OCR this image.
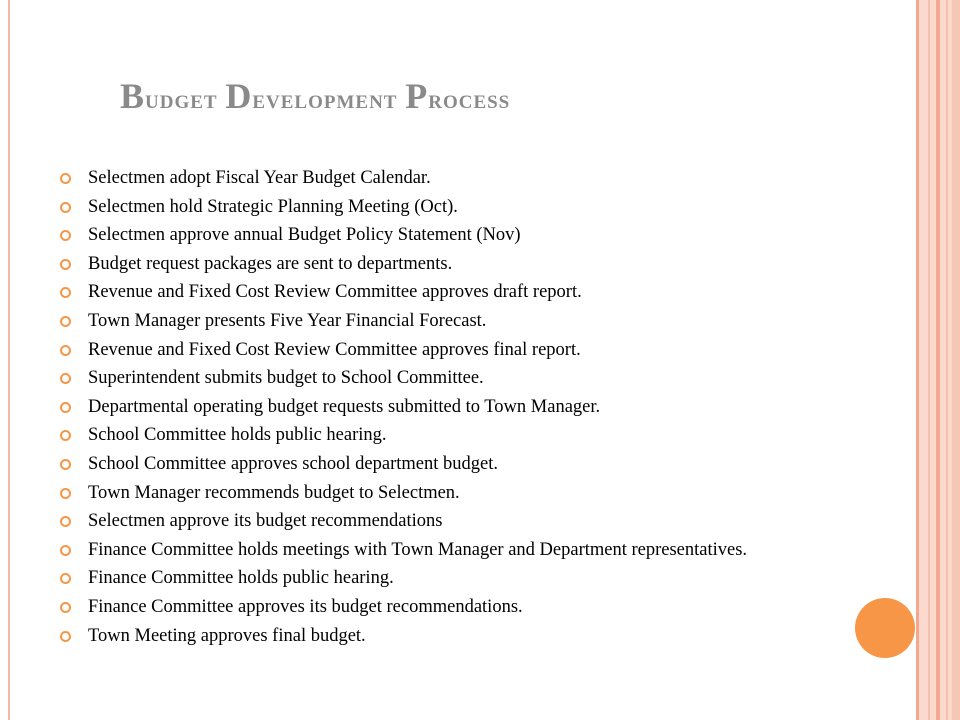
Budget Development Process
Selectmen adopt Fiscal Year Budget Calendar.
Selectmen hold Strategic Planning Meeting (Oct).
Selectmen approve annual Budget Policy Statement (Nov)
Budget request packages are sent to departments.
Revenue and Fixed Cost Review Committee approves draft report.
Town Manager presents Five Year Financial Forecast.
Revenue and Fixed Cost Review Committee approves final report.
Superintendent submits budget to School Committee.
Departmental operating budget requests submitted to Town Manager.
School Committee holds public hearing.
School Committee approves school department budget.
Town Manager recommends budget to Selectmen.
Selectmen approve its budget recommendations
Finance Committee holds meetings with Town Manager and Department representatives.
Finance Committee holds public hearing.
Finance Committee approves its budget recommendations.
Town Meeting approves final budget.
